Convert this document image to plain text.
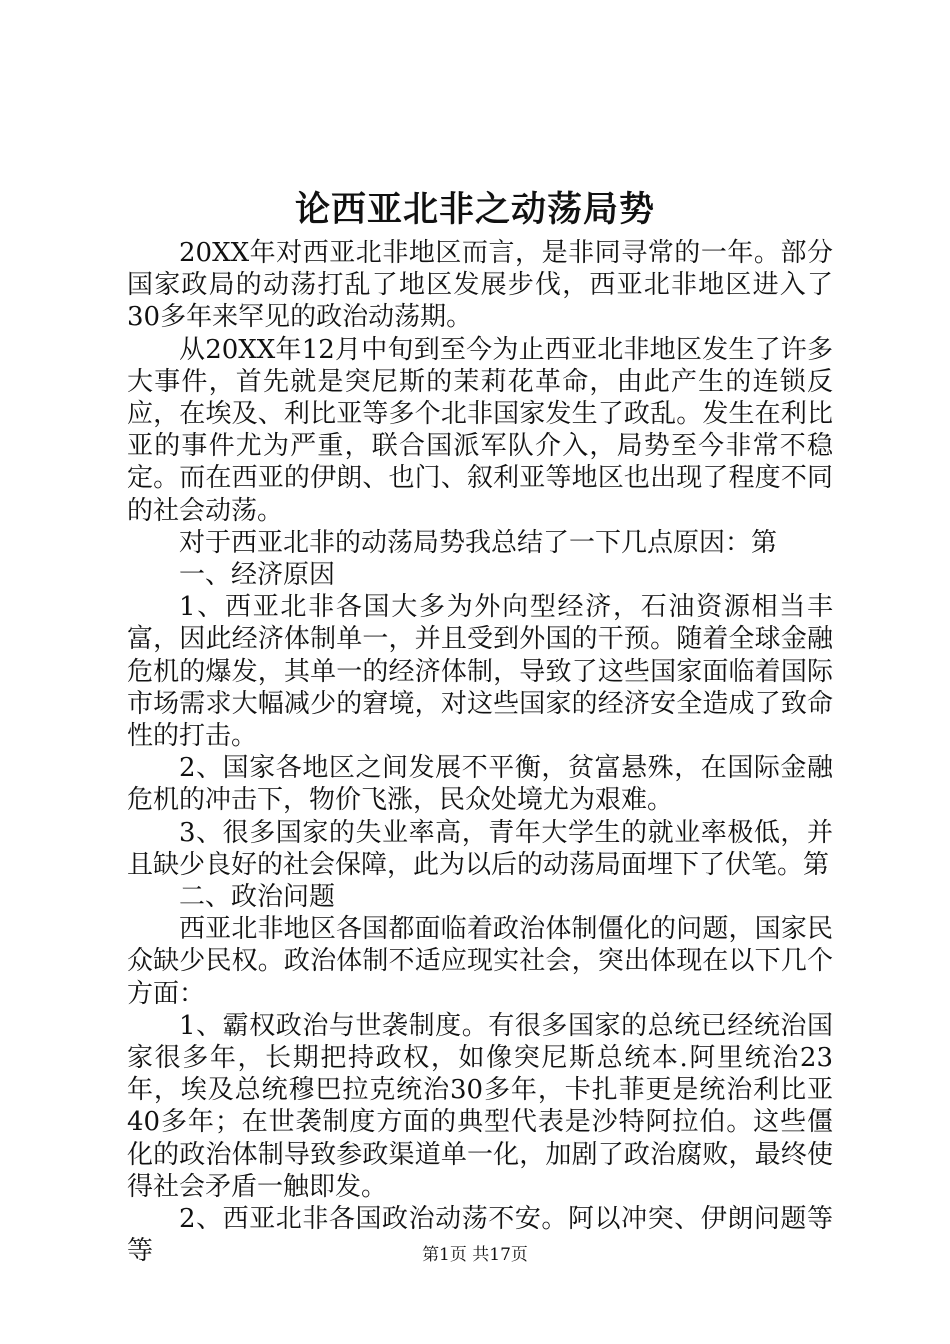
论西亚北非之动荡局势

20XX年对西亚北非地区而言，是非同寻常的一年。部分国家政局的动荡打乱了地区发展步伐，西亚北非地区进入了30多年来罕见的政治动荡期。

从20XX年12月中旬到至今为止西亚北非地区发生了许多大事件，首先就是突尼斯的茉莉花革命，由此产生的连锁反应，在埃及、利比亚等多个北非国家发生了政乱。发生在利比亚的事件尤为严重，联合国派军队介入，局势至今非常不稳定。而在西亚的伊朗、也门、叙利亚等地区也出现了程度不同的社会动荡。

对于西亚北非的动荡局势我总结了一下几点原因：第

一、经济原因

1、西亚北非各国大多为外向型经济，石油资源相当丰富，因此经济体制单一，并且受到外国的干预。随着全球金融危机的爆发，其单一的经济体制，导致了这些国家面临着国际市场需求大幅减少的窘境，对这些国家的经济安全造成了致命性的打击。

2、国家各地区之间发展不平衡，贫富悬殊，在国际金融危机的冲击下，物价飞涨，民众处境尤为艰难。

3、很多国家的失业率高，青年大学生的就业率极低，并且缺少良好的社会保障，此为以后的动荡局面埋下了伏笔。第

二、政治问题

西亚北非地区各国都面临着政治体制僵化的问题，国家民众缺少民权。政治体制不适应现实社会，突出体现在以下几个方面：

1、霸权政治与世袭制度。有很多国家的总统已经统治国家很多年，长期把持政权，如像突尼斯总统本.阿里统治23年，埃及总统穆巴拉克统治30多年，卡扎菲更是统治利比亚40多年；在世袭制度方面的典型代表是沙特阿拉伯。这些僵化的政治体制导致参政渠道单一化，加剧了政治腐败，最终使得社会矛盾一触即发。

2、西亚北非各国政治动荡不安。阿以冲突、伊朗问题等等	第1页 共17页
